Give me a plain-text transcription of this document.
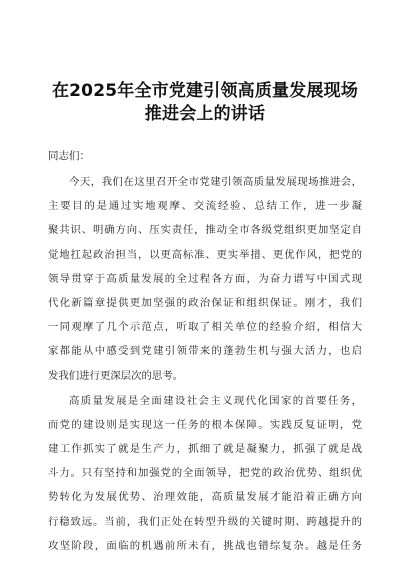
在2025年全市党建引领高质量发展现场
推进会上的讲话

同志们：

今天，我们在这里召开全市党建引领高质量发展现场推进会，
主要目的是通过实地观摩、交流经验、总结工作，进一步凝
聚共识、明确方向、压实责任，推动全市各级党组织更加坚定自
觉地扛起政治担当，以更高标准、更实举措、更优作风，把党的
领导贯穿于高质量发展的全过程各方面，为奋力谱写中国式现
代化新篇章提供更加坚强的政治保证和组织保证。刚才，我们
一同观摩了几个示范点，听取了相关单位的经验介绍，相信大
家都能从中感受到党建引领带来的蓬勃生机与强大活力，也启
发我们进行更深层次的思考。
高质量发展是全面建设社会主义现代化国家的首要任务，
而党的建设则是实现这一任务的根本保障。实践反复证明，党
建工作抓实了就是生产力，抓细了就是凝聚力，抓强了就是战
斗力。只有坚持和加强党的全面领导，把党的政治优势、组织优
势转化为发展优势、治理效能，高质量发展才能沿着正确方向
行稳致远。当前，我们正处在转型升级的关键时期、跨越提升的
攻坚阶段，面临的机遇前所未有，挑战也错综复杂。越是任务
